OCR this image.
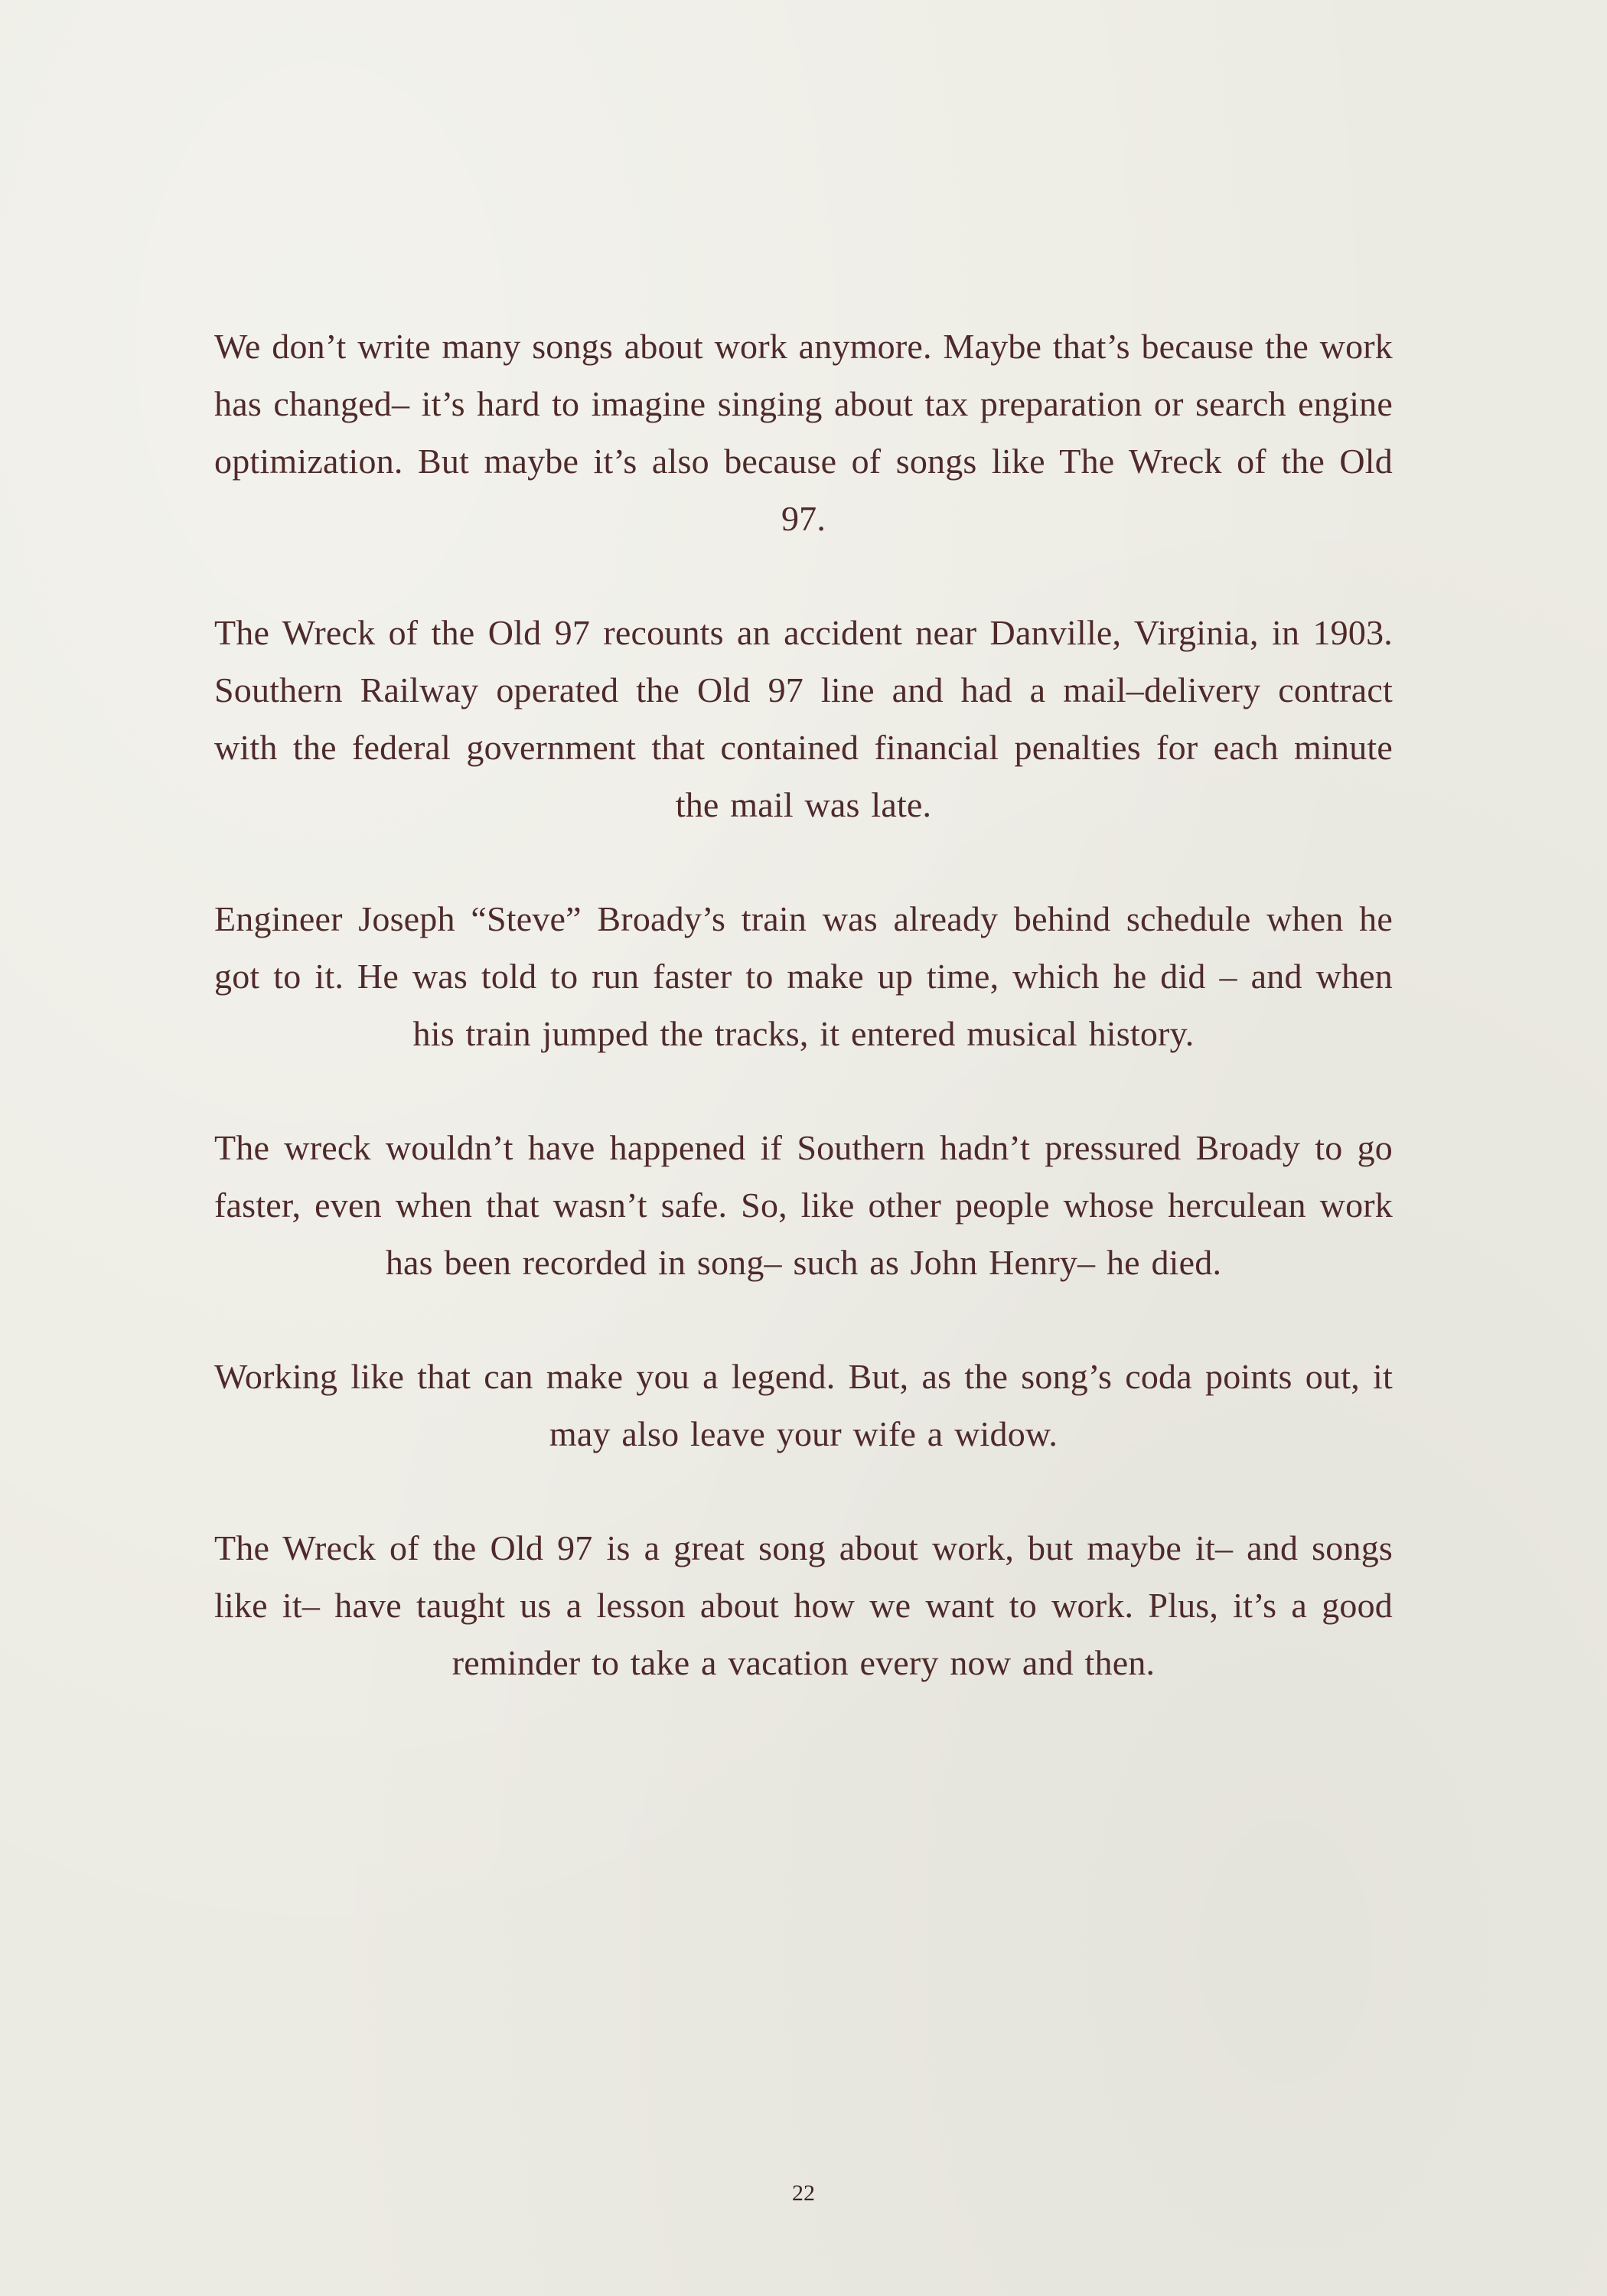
We don’t write many songs about work anymore. Maybe that’s because the work has changed– it’s hard to imagine singing about tax preparation or search engine optimization. But maybe it’s also because of songs like The Wreck of the Old 97.

The Wreck of the Old 97 recounts an accident near Danville, Virginia, in 1903. Southern Railway operated the Old 97 line and had a mail–delivery contract with the federal government that contained financial penalties for each minute the mail was late.

Engineer Joseph “Steve” Broady’s train was already behind schedule when he got to it. He was told to run faster to make up time, which he did – and when his train jumped the tracks, it entered musical history.

The wreck wouldn’t have happened if Southern hadn’t pressured Broady to go faster, even when that wasn’t safe. So, like other people whose herculean work has been recorded in song– such as John Henry– he died.

Working like that can make you a legend. But, as the song’s coda points out, it may also leave your wife a widow.

The Wreck of the Old 97 is a great song about work, but maybe it– and songs like it– have taught us a lesson about how we want to work. Plus, it’s a good reminder to take a vacation every now and then.

22
